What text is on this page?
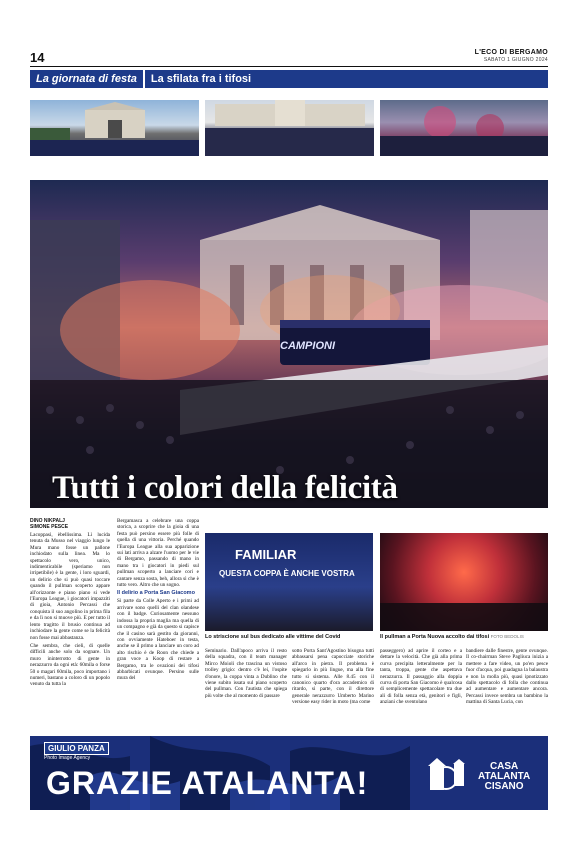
14	L'ECO DI BERGAMO
SABATO 1 GIUGNO 2024
La giornata di festa	La sfilata fra i tifosi
CAMPIONI
Tutti i colori della felicità
DINO NIKPALJ
SIMONE PESCE
Lacoppasì, èbellissima. Lì lucida tenuta da Musso nel viaggio lungo le Mura mano fosse un pallone inchiodato sulla linea. Ma lo spettacolo vero, unico, indimenticabile (speriamo non irripetibile) è la gente, i loro sguardi, un delirio che si può quasi toccare quando il pullman scoperto appare all'orizzonte e piano piano si vede l'Europa League, i giocatori impazziti di gioia, Antonio Percassi che conquista il suo angolino in prima fila e da lì non si muove più. E per tutto il lento tragitto il brusio continua ad inchiodare la gente come se la felicità non fosse mai abbastanza.
Che sembra, che cieli, di quelle difficili anche solo da sognare. Un muro ininterrotto di gente in nerazzurro da ogni età: 60mila o forse 50 o magari 60mila, poco importano i numeri, bastano a coloro di un popolo venuto da tutta la
Bergamasca a celebrare una coppa storica, a scoprire che la gioia di una festa può persino essere più folle di quella di una vittoria. Perché quando l'Europa League alla sua apparizione sui lati arriva a alzare l'uomo per le vie di Bergamo, passando di mano in mano tra i giocatori in piedi sul pullman scoperto a lanciare cori e cantare senza sosta, beh, allora sì che è tutto vero. Altro che un sogno.
Il delirio a Porta San Giacomo
Si parte da Colle Aperto e i primi ad arrivare sono quelli del clan olandese con il badge. Curiosamente nessuno indossa la propria maglia ma quella di un compagno e già da questo si capisce che il casino sarà gestito da gioranni, con ovviamente Hateboer in testa, anche se il primo a lanciare un coro ad alto rischio è de Roon che chiede a gran voce a Koop di restare a Bergamo, tra le ovazioni dei tifosi abbarbicati ovunque. Persino sulle mura del
FAMILIAR
QUESTA COPPA È ANCHE VOSTRA
Lo striscione sul bus dedicato alle vittime del Covid	Il pullman a Porta Nuova accolto dai tifosi FOTO BEDOLIS
Seminario. Dall'apoco arriva il resto della squadra, con il team manager Mirco Moioli che trascina un vistoso trolley grigio: dentro c'è lei, l'ospite d'onore, la coppa vinta a Dublino che viene subito issata sul piano scoperto del pullman. Con l'autista che spiega più volte che al momento di passare
sotto Porta Sant'Agostino bisogna tutti abbassarsi pena capocciate storiche all'arco in pietra. Il problema è spiegarlo in più lingue, ma alla fine tutto si sistema. Alle 8.45 con il canonico quarto d'ora accademico di ritardo, si parte, con il direttore generale nerazzurro Umberto Marino versione easy rider in moto (ma come
passeggero) ad aprire il corteo e a dettare la velocità. Che già alla prima curva precipita letteralmente per la tanta, troppa, gente che aspettava nerazzurra. Il passaggio alla doppia curva di porta San Giacomo è qualcosa di semplicemente spettacolare tra due ali di folla senza età, genitori e figli, anziani che sventolano
bandiere dalle finestre, gente ovunque. Il co-chairman Steve Pagliuca inizia a mettere a fare video, un po'en pesce fuor d'acqua, poi guadagna la balaustra e non la molla più, quasi ipnotizzato dallo spettacolo di folla che continua ad aumentare e aumentare ancora. Percassi invece sembra un bambino la mattina di Santa Lucia, con
GIULIO PANZA
Photo Image Agency
GRAZIE ATALANTA!	CASA
ATALANTA
CISANO
